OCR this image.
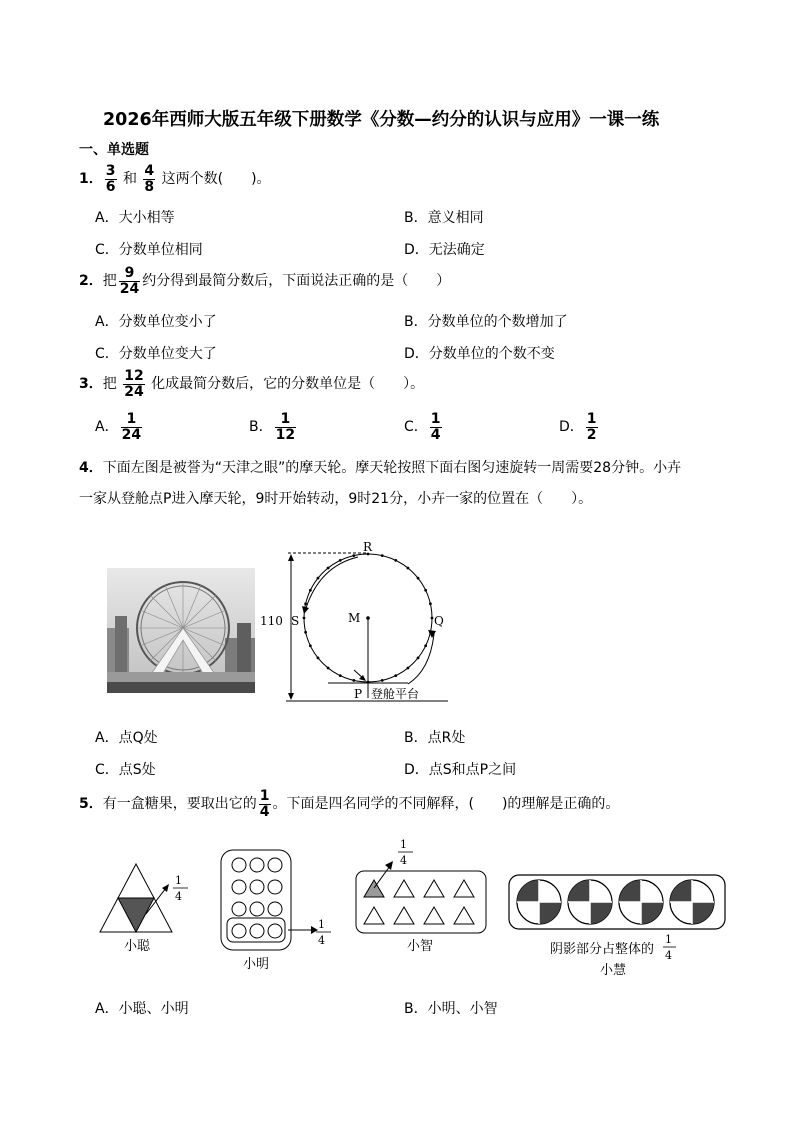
2026年西师大版五年级下册数学《分数—约分的认识与应用》一课一练
一、单选题
1． $\frac{3}{6}$ 和 $\frac{4}{8}$ 这两个数(　　)。
A．大小相等	B．意义相同
C．分数单位相同	D．无法确定
2．把 $\frac{9}{24}$ 约分得到最简分数后，下面说法正确的是（　　）
A．分数单位变小了	B．分数单位的个数增加了
C．分数单位变大了	D．分数单位的个数不变
3．把 $\frac{12}{24}$ 化成最简分数后，它的分数单位是（　　）。
A． $\frac{1}{24}$	B． $\frac{1}{12}$	C． $\frac{1}{4}$	D． $\frac{1}{2}$
4．下面左图是被誉为“天津之眼”的摩天轮。摩天轮按照下面右图匀速旋转一周需要28分钟。小卉
一家从登舱点P进入摩天轮，9时开始转动，9时21分，小卉一家的位置在（　　）。
110
R
S	Q
M
P 登舱平台
A．点Q处	B．点R处
C．点S处	D．点S和点P之间
5．有一盒糖果，要取出它的 $\frac{1}{4}$ 。下面是四名同学的不同解释，(　　)的理解是正确的。
1
4
小聪
1
4
小明
1
4
小智	阴影部分占整体的
1
4
小慧
A．小聪、小明	B．小明、小智
